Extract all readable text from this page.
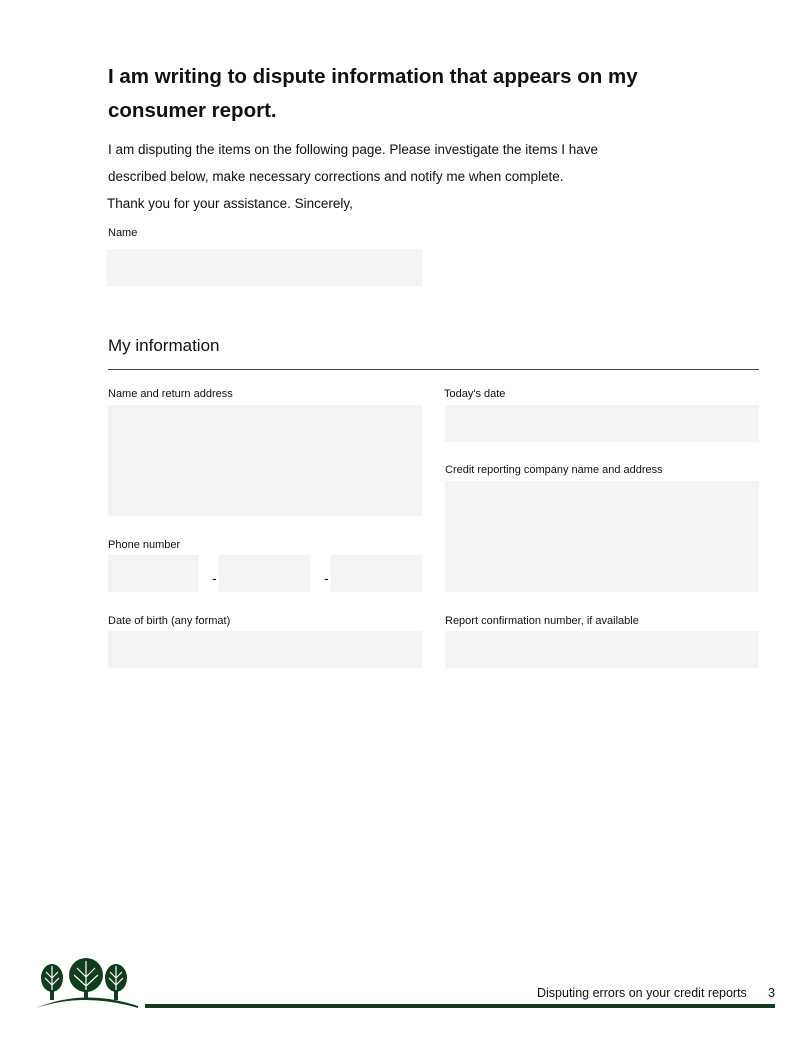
I am writing to dispute information that appears on my consumer report.
I am disputing the items on the following page. Please investigate the items I have
described below, make necessary corrections and notify me when complete.
Thank you for your assistance. Sincerely,
Name
My information
Name and return address	Today's date
Credit reporting company name and address
Phone number
-	-
Date of birth (any format)	Report confirmation number, if available
Disputing errors on your credit reports 3
